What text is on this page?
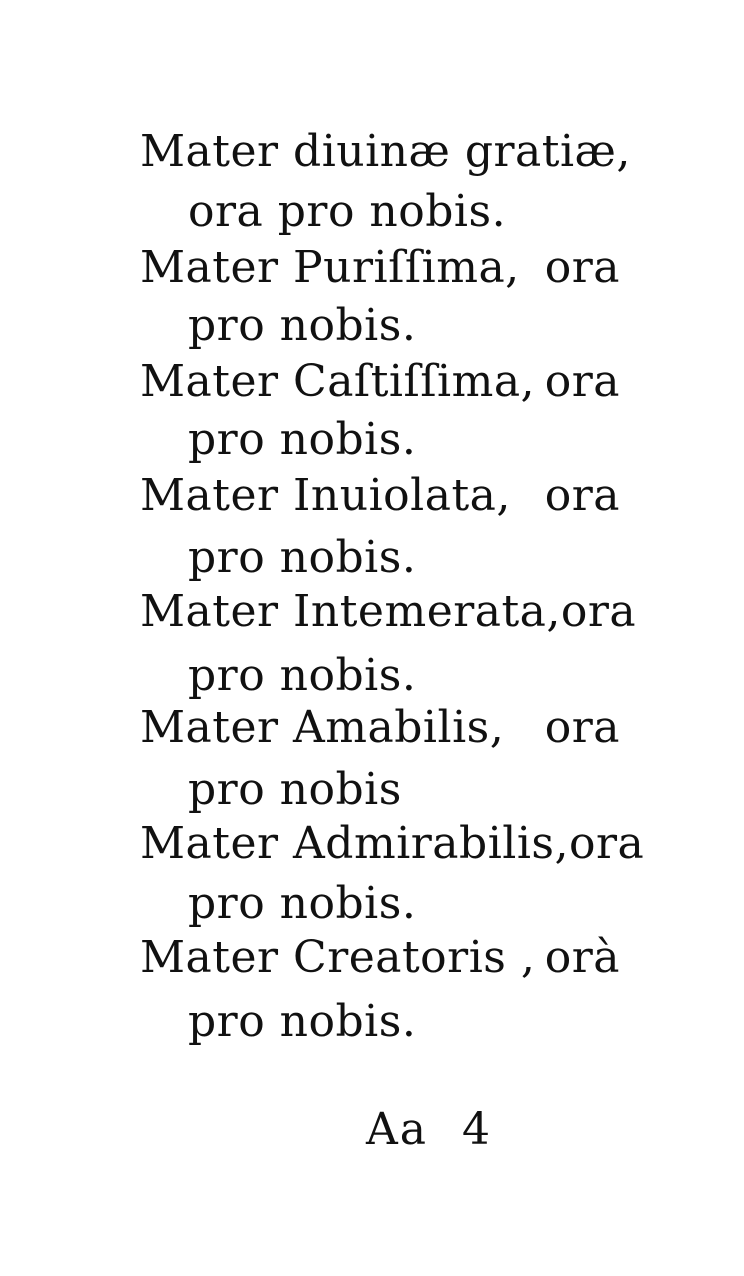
Mater diuinæ gratiæ,
ora pro nobis.
Mater Puriſſima, ora
pro nobis.
Mater Caſtiſſima, ora
pro nobis.
Mater Inuiolata, ora
pro nobis.
Mater Intemerata, ora
pro nobis.
Mater Amabilis, ora
pro nobis
Mater Admirabilis, ora
pro nobis.
Mater Creatoris , orà
pro nobis.
Aa 4
